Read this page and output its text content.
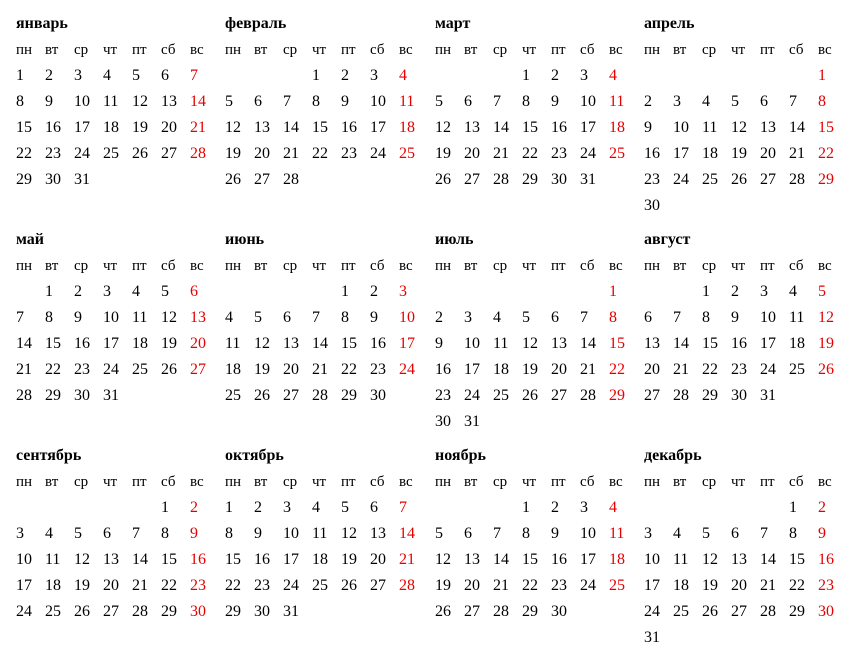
январь
пн вт ср чт пт сб вс
1 2 3 4 5 6 7
8 9 10 11 12 13 14
15 16 17 18 19 20 21
22 23 24 25 26 27 28
29 30 31
февраль
пн вт ср чт пт сб вс
1 2 3 4
5 6 7 8 9 10 11
12 13 14 15 16 17 18
19 20 21 22 23 24 25
26 27 28
март
пн вт ср чт пт сб вс
1 2 3 4
5 6 7 8 9 10 11
12 13 14 15 16 17 18
19 20 21 22 23 24 25
26 27 28 29 30 31
апрель
пн вт ср чт пт сб вс
1
2 3 4 5 6 7 8
9 10 11 12 13 14 15
16 17 18 19 20 21 22
23 24 25 26 27 28 29
30
май
пн вт ср чт пт сб вс
1 2 3 4 5 6
7 8 9 10 11 12 13
14 15 16 17 18 19 20
21 22 23 24 25 26 27
28 29 30 31
июнь
пн вт ср чт пт сб вс
1 2 3
4 5 6 7 8 9 10
11 12 13 14 15 16 17
18 19 20 21 22 23 24
25 26 27 28 29 30
июль
пн вт ср чт пт сб вс
1
2 3 4 5 6 7 8
9 10 11 12 13 14 15
16 17 18 19 20 21 22
23 24 25 26 27 28 29
30 31
август
пн вт ср чт пт сб вс
1 2 3 4 5
6 7 8 9 10 11 12
13 14 15 16 17 18 19
20 21 22 23 24 25 26
27 28 29 30 31
сентябрь
пн вт ср чт пт сб вс
1 2
3 4 5 6 7 8 9
10 11 12 13 14 15 16
17 18 19 20 21 22 23
24 25 26 27 28 29 30
октябрь
пн вт ср чт пт сб вс
1 2 3 4 5 6 7
8 9 10 11 12 13 14
15 16 17 18 19 20 21
22 23 24 25 26 27 28
29 30 31
ноябрь
пн вт ср чт пт сб вс
1 2 3 4
5 6 7 8 9 10 11
12 13 14 15 16 17 18
19 20 21 22 23 24 25
26 27 28 29 30
декабрь
пн вт ср чт пт сб вс
1 2
3 4 5 6 7 8 9
10 11 12 13 14 15 16
17 18 19 20 21 22 23
24 25 26 27 28 29 30
31
